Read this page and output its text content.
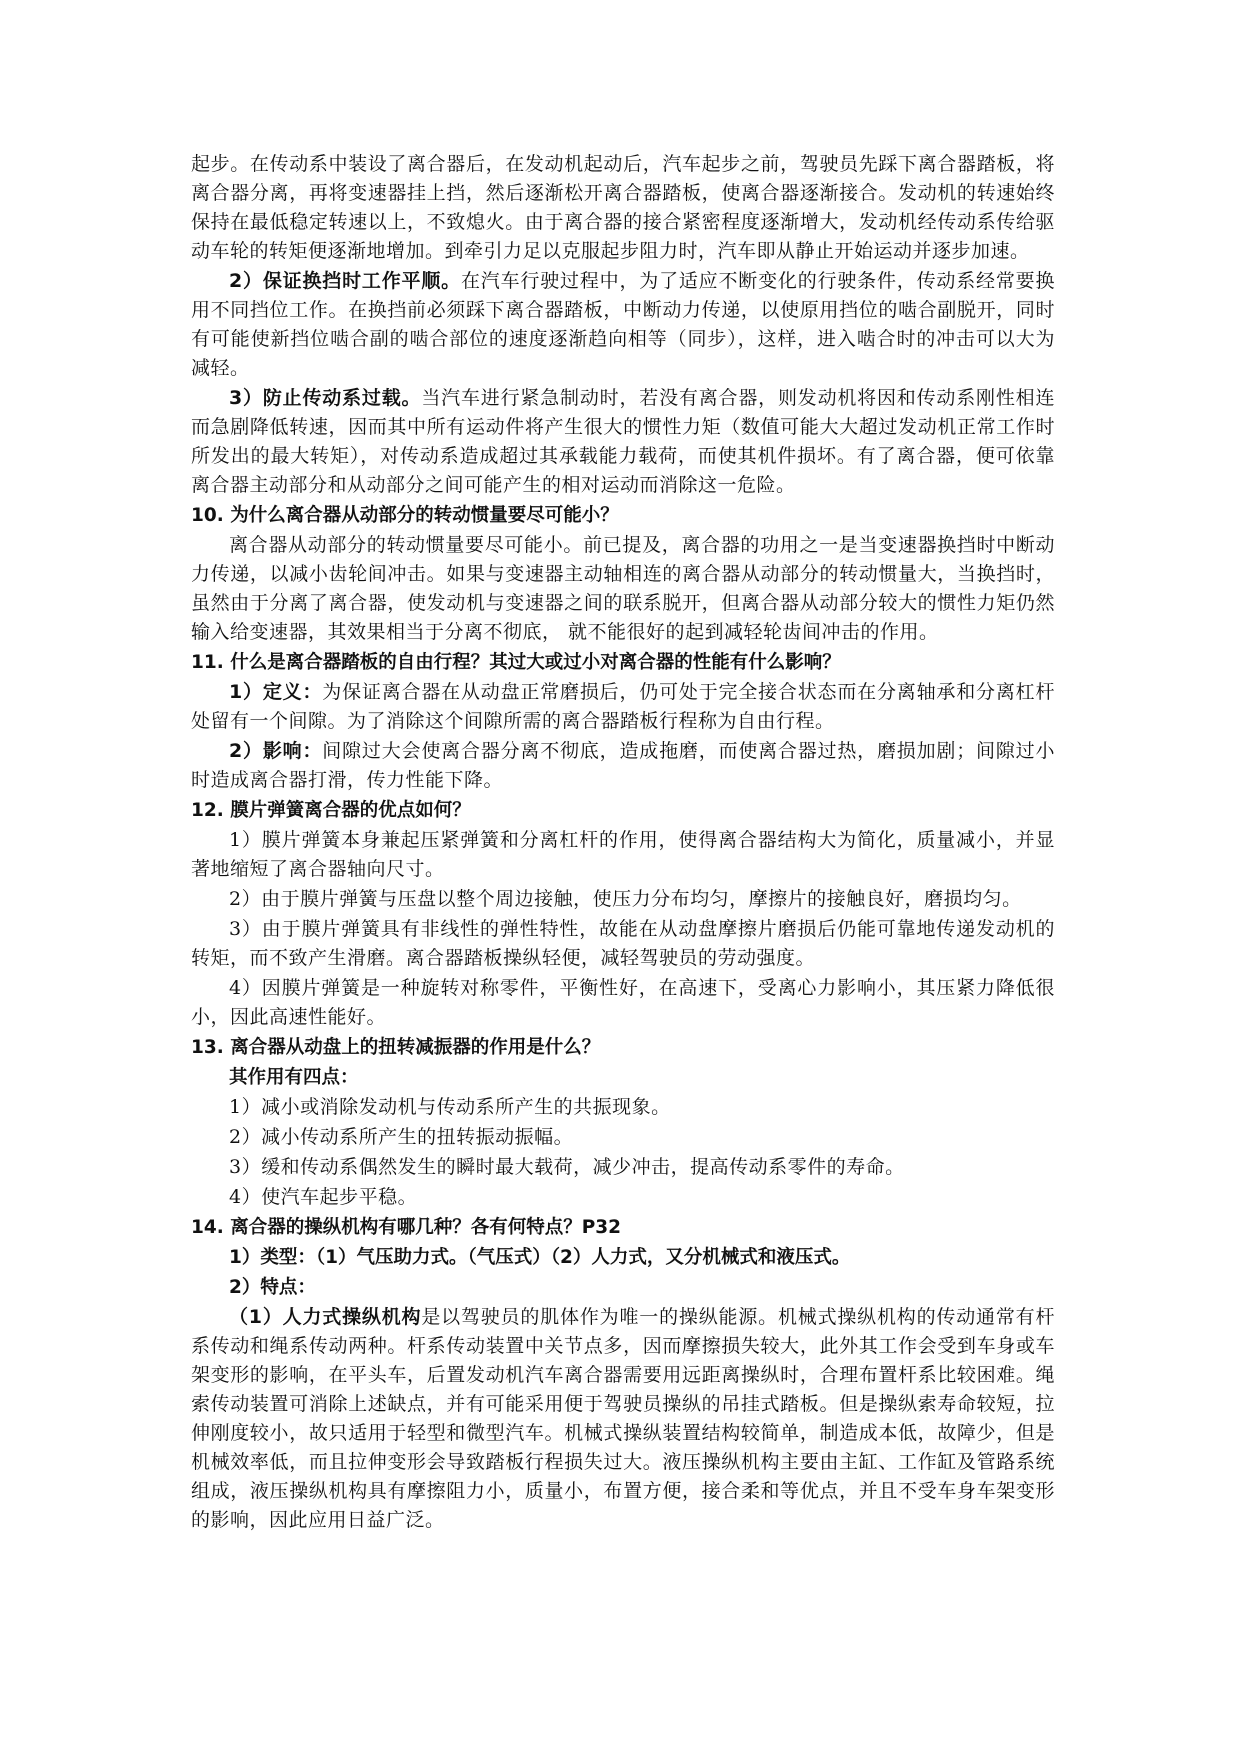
起步。在传动系中装设了离合器后，在发动机起动后，汽车起步之前，驾驶员先踩下离合器踏板，将离合器分离，再将变速器挂上挡，然后逐渐松开离合器踏板，使离合器逐渐接合。发动机的转速始终保持在最低稳定转速以上，不致熄火。由于离合器的接合紧密程度逐渐增大，发动机经传动系传给驱动车轮的转矩便逐渐地增加。到牵引力足以克服起步阻力时，汽车即从静止开始运动并逐步加速。

2）保证换挡时工作平顺。在汽车行驶过程中，为了适应不断变化的行驶条件，传动系经常要换用不同挡位工作。在换挡前必须踩下离合器踏板，中断动力传递，以使原用挡位的啮合副脱开，同时有可能使新挡位啮合副的啮合部位的速度逐渐趋向相等（同步），这样，进入啮合时的冲击可以大为减轻。

3）防止传动系过载。当汽车进行紧急制动时，若没有离合器，则发动机将因和传动系刚性相连而急剧降低转速，因而其中所有运动件将产生很大的惯性力矩（数值可能大大超过发动机正常工作时所发出的最大转矩），对传动系造成超过其承载能力载荷，而使其机件损坏。有了离合器，便可依靠离合器主动部分和从动部分之间可能产生的相对运动而消除这一危险。

10. 为什么离合器从动部分的转动惯量要尽可能小？

离合器从动部分的转动惯量要尽可能小。前已提及，离合器的功用之一是当变速器换挡时中断动力传递，以减小齿轮间冲击。如果与变速器主动轴相连的离合器从动部分的转动惯量大，当换挡时，虽然由于分离了离合器，使发动机与变速器之间的联系脱开，但离合器从动部分较大的惯性力矩仍然输入给变速器，其效果相当于分离不彻底， 就不能很好的起到减轻轮齿间冲击的作用。

11. 什么是离合器踏板的自由行程？其过大或过小对离合器的性能有什么影响？

1）定义：为保证离合器在从动盘正常磨损后，仍可处于完全接合状态而在分离轴承和分离杠杆处留有一个间隙。为了消除这个间隙所需的离合器踏板行程称为自由行程。

2）影响：间隙过大会使离合器分离不彻底，造成拖磨，而使离合器过热，磨损加剧；间隙过小时造成离合器打滑，传力性能下降。

12. 膜片弹簧离合器的优点如何？

1）膜片弹簧本身兼起压紧弹簧和分离杠杆的作用，使得离合器结构大为简化，质量减小，并显著地缩短了离合器轴向尺寸。

2）由于膜片弹簧与压盘以整个周边接触，使压力分布均匀，摩擦片的接触良好，磨损均匀。

3）由于膜片弹簧具有非线性的弹性特性，故能在从动盘摩擦片磨损后仍能可靠地传递发动机的转矩，而不致产生滑磨。离合器踏板操纵轻便，减轻驾驶员的劳动强度。

4）因膜片弹簧是一种旋转对称零件，平衡性好，在高速下，受离心力影响小，其压紧力降低很小，因此高速性能好。

13. 离合器从动盘上的扭转减振器的作用是什么？
其作用有四点：
1）减小或消除发动机与传动系所产生的共振现象。
2）减小传动系所产生的扭转振动振幅。
3）缓和传动系偶然发生的瞬时最大载荷，减少冲击，提高传动系零件的寿命。
4）使汽车起步平稳。
14. 离合器的操纵机构有哪几种？各有何特点？P32
1）类型：（1）气压助力式。（气压式）（2）人力式，又分机械式和液压式。
2）特点：

（1）人力式操纵机构是以驾驶员的肌体作为唯一的操纵能源。机械式操纵机构的传动通常有杆系传动和绳系传动两种。杆系传动装置中关节点多，因而摩擦损失较大，此外其工作会受到车身或车架变形的影响，在平头车，后置发动机汽车离合器需要用远距离操纵时，合理布置杆系比较困难。绳索传动装置可消除上述缺点，并有可能采用便于驾驶员操纵的吊挂式踏板。但是操纵索寿命较短，拉伸刚度较小，故只适用于轻型和微型汽车。机械式操纵装置结构较简单，制造成本低，故障少，但是机械效率低，而且拉伸变形会导致踏板行程损失过大。液压操纵机构主要由主缸、工作缸及管路系统组成，液压操纵机构具有摩擦阻力小，质量小，布置方便，接合柔和等优点，并且不受车身车架变形的影响，因此应用日益广泛。
